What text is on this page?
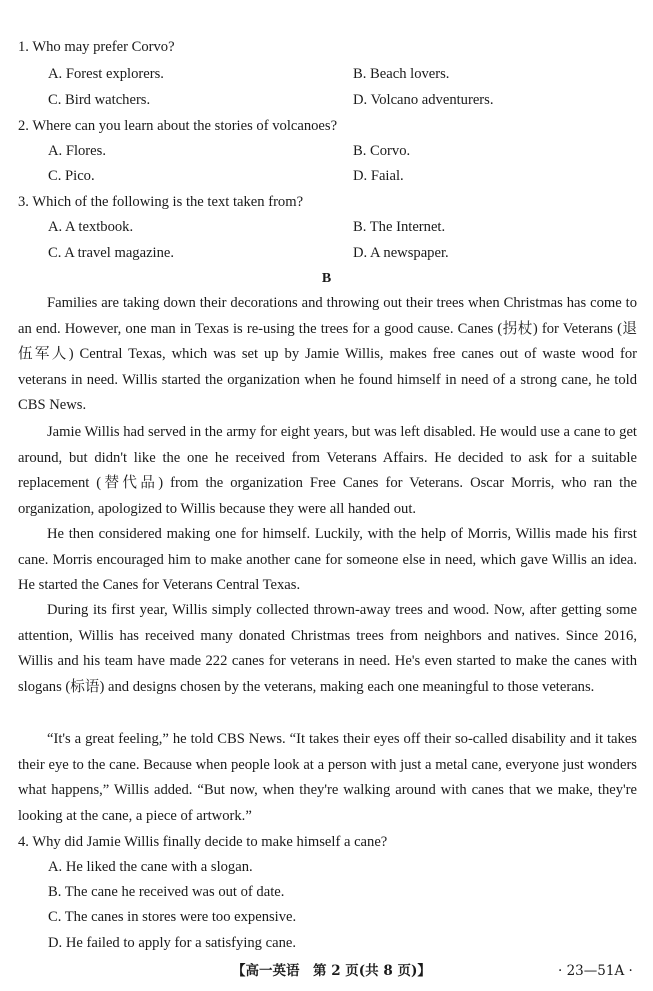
1. Who may prefer Corvo?
A. Forest explorers.	B. Beach lovers.
C. Bird watchers.	D. Volcano adventurers.
2. Where can you learn about the stories of volcanoes?
A. Flores.	B. Corvo.
C. Pico.	D. Faial.
3. Which of the following is the text taken from?
A. A textbook.	B. The Internet.
C. A travel magazine.	D. A newspaper.
B
Families are taking down their decorations and throwing out their trees when Christmas has come to an end. However, one man in Texas is re-using the trees for a good cause. Canes (拐杖) for Veterans (退伍军人) Central Texas, which was set up by Jamie Willis, makes free canes out of waste wood for veterans in need. Willis started the organization when he found himself in need of a strong cane, he told CBS News.
Jamie Willis had served in the army for eight years, but was left disabled. He would use a cane to get around, but didn't like the one he received from Veterans Affairs. He decided to ask for a suitable replacement (替代品) from the organization Free Canes for Veterans. Oscar Morris, who ran the organization, apologized to Willis because they were all handed out.
He then considered making one for himself. Luckily, with the help of Morris, Willis made his first cane. Morris encouraged him to make another cane for someone else in need, which gave Willis an idea. He started the Canes for Veterans Central Texas.
During its first year, Willis simply collected thrown-away trees and wood. Now, after getting some attention, Willis has received many donated Christmas trees from neighbors and natives. Since 2016, Willis and his team have made 222 canes for veterans in need. He's even started to make the canes with slogans (标语) and designs chosen by the veterans, making each one meaningful to those veterans.
“It's a great feeling,” he told CBS News. “It takes their eyes off their so-called disability and it takes their eye to the cane. Because when people look at a person with just a metal cane, everyone just wonders what happens,” Willis added. “But now, when they're walking around with canes that we make, they're looking at the cane, a piece of artwork.”
4. Why did Jamie Willis finally decide to make himself a cane?
A. He liked the cane with a slogan.
B. The cane he received was out of date.
C. The canes in stores were too expensive.
D. He failed to apply for a satisfying cane.
【高一英语　第 2 页(共 8 页)】	· 23—51A ·
